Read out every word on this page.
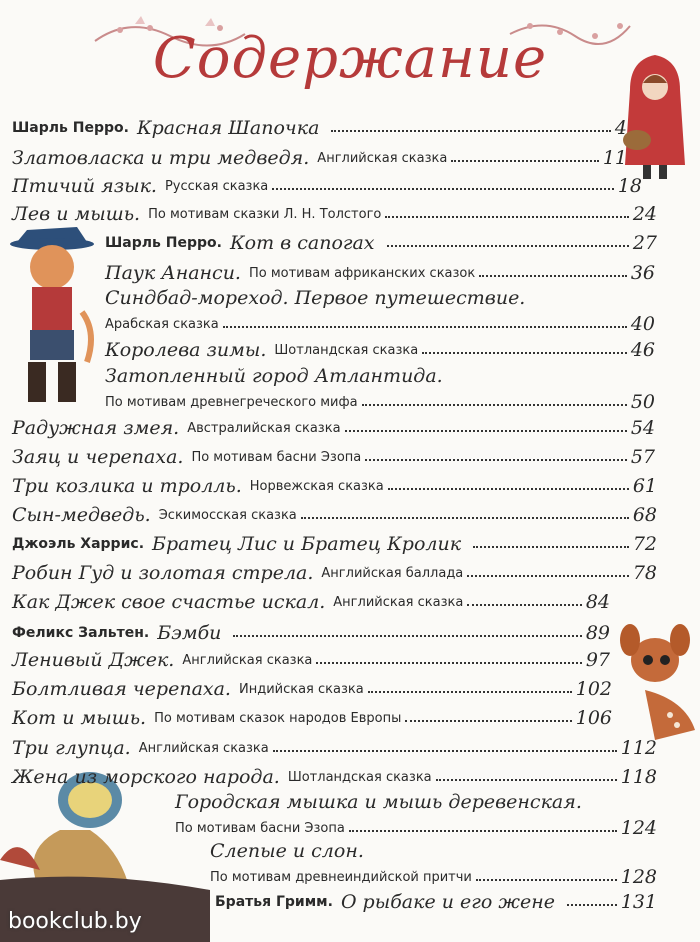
Содержание
Шарль Перро. Красная Шапочка	4
Златовласка и три медведя. Английская сказка	11
Птичий язык. Русская сказка	18
Лев и мышь. По мотивам сказки Л. Н. Толстого	24
Шарль Перро. Кот в сапогах	27
Паук Ананси. По мотивам африканских сказок	36
Синдбад-мореход. Первое путешествие.
Арабская сказка	40
Королева зимы. Шотландская сказка	46
Затопленный город Атлантида.
По мотивам древнегреческого мифа	50
Радужная змея. Австралийская сказка	54
Заяц и черепаха. По мотивам басни Эзопа	57
Три козлика и тролль. Норвежская сказка	61
Сын-медведь. Эскимосская сказка	68
Джоэль Харрис. Братец Лис и Братец Кролик	72
Робин Гуд и золотая стрела. Английская баллада	78
Как Джек свое счастье искал. Английская сказка	84
Феликс Зальтен. Бэмби	89
Ленивый Джек. Английская сказка	97
Болтливая черепаха. Индийская сказка	102
Кот и мышь. По мотивам сказок народов Европы	106
Три глупца. Английская сказка	112
Жена из морского народа. Шотландская сказка	118
Городская мышка и мышь деревенская.
По мотивам басни Эзопа	124
Слепые и слон.
По мотивам древнеиндийской притчи	128
Братья Гримм. О рыбаке и его жене	131
bookclub.by
